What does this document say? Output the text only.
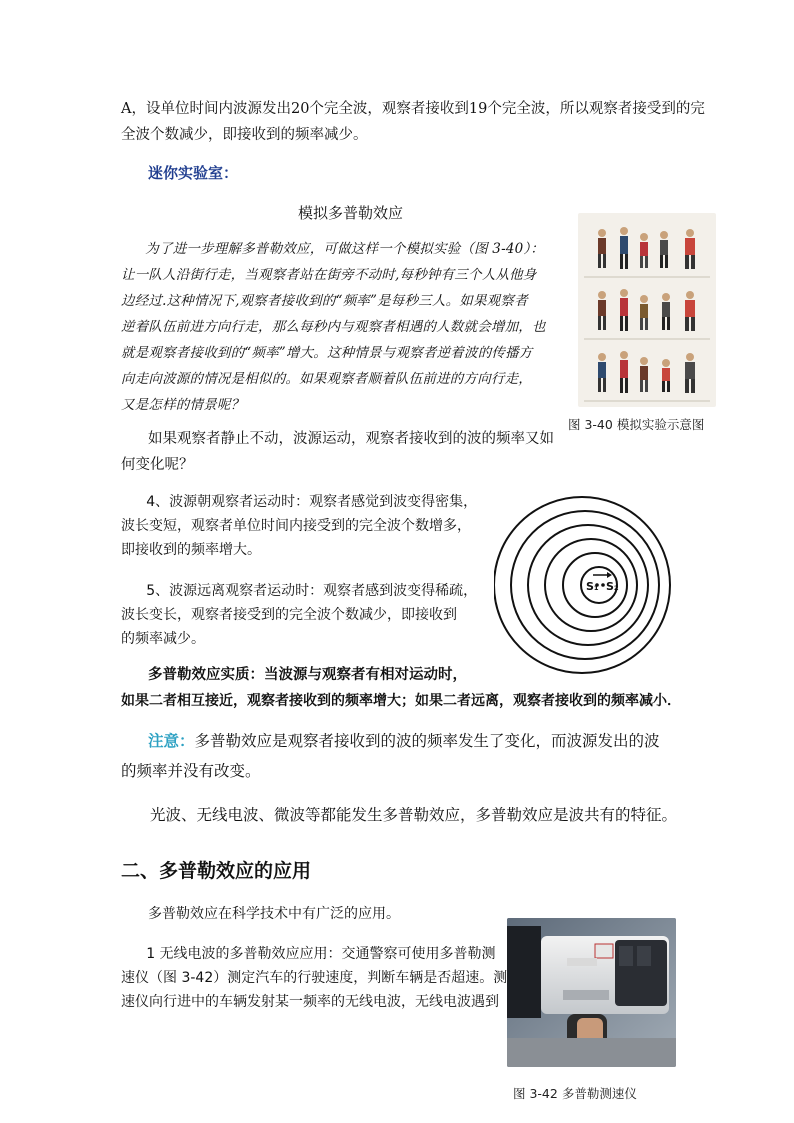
A，设单位时间内波源发出20个完全波，观察者接收到19个完全波，所以观察者接受到的完
全波个数减少，即接收到的频率减少。
迷你实验室：
模拟多普勒效应
为了进一步理解多普勒效应，可做这样一个模拟实验（图 3-40）：
让一队人沿街行走，当观察者站在街旁不动时,每秒钟有三个人从他身
边经过.这种情况下,观察者接收到的“频率”是每秒三人。如果观察者
逆着队伍前进方向行走，那么每秒内与观察者相遇的人数就会增加，也
就是观察者接收到的“频率”增大。这种情景与观察者逆着波的传播方
向走向波源的情况是相似的。如果观察者顺着队伍前进的方向行走，
又是怎样的情景呢？
图 3-40 模拟实验示意图
如果观察者静止不动，波源运动，观察者接收到的波的频率又如
何变化呢？
4、波源朝观察者运动时：观察者感觉到波变得密集，
波长变短，观察者单位时间内接受到的完全波个数增多，
即接收到的频率增大。
5、波源远离观察者运动时：观察者感到波变得稀疏，
波长变长，观察者接受到的完全波个数减少，即接收到
的频率减少。
S₁ S₂
多普勒效应实质：当波源与观察者有相对运动时，
如果二者相互接近，观察者接收到的频率增大；如果二者远离，观察者接收到的频率减小．
注意：多普勒效应是观察者接收到的波的频率发生了变化，而波源发出的波
的频率并没有改变。
光波、无线电波、微波等都能发生多普勒效应，多普勒效应是波共有的特征。
二、多普勒效应的应用
多普勒效应在科学技术中有广泛的应用。
1 无线电波的多普勒效应应用：交通警察可使用多普勒测
速仪（图 3-42）测定汽车的行驶速度，判断车辆是否超速。测
速仪向行进中的车辆发射某一频率的无线电波，无线电波遇到
图 3-42 多普勒测速仪
